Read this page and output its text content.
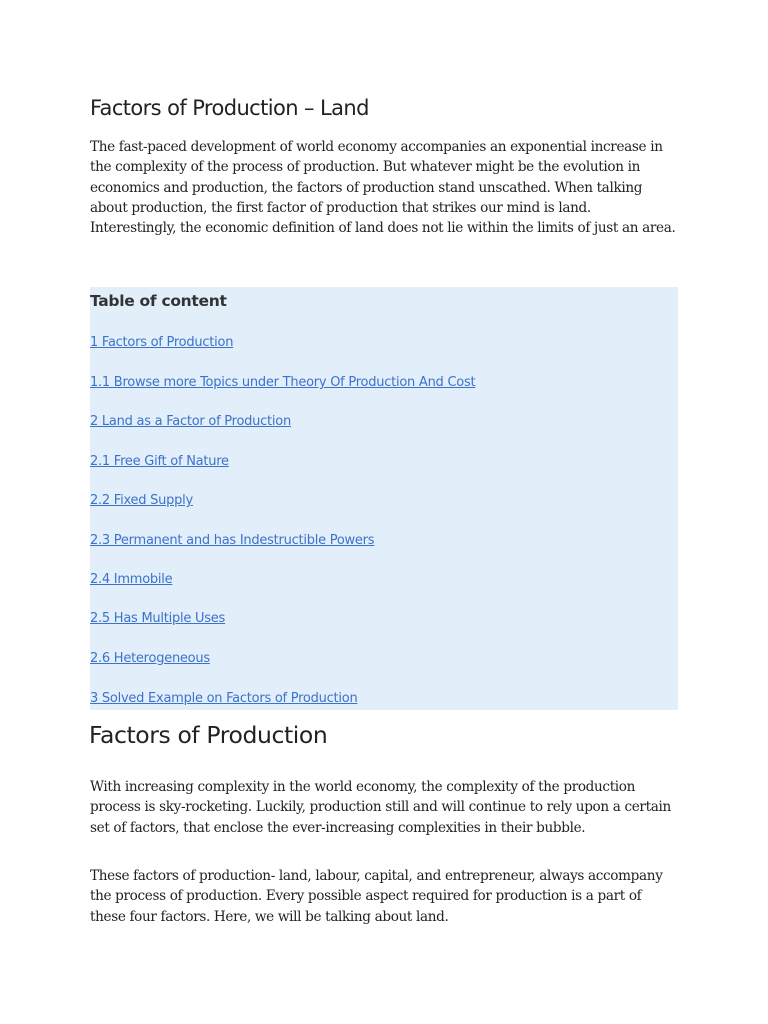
Factors of Production – Land

The fast-paced development of world economy accompanies an exponential increase in the complexity of the process of production. But whatever might be the evolution in economics and production, the factors of production stand unscathed. When talking about production, the first factor of production that strikes our mind is land. Interestingly, the economic definition of land does not lie within the limits of just an area.

Table of content
1 Factors of Production
1.1 Browse more Topics under Theory Of Production And Cost
2 Land as a Factor of Production
2.1 Free Gift of Nature
2.2 Fixed Supply
2.3 Permanent and has Indestructible Powers
2.4 Immobile
2.5 Has Multiple Uses
2.6 Heterogeneous
3 Solved Example on Factors of Production
Factors of Production

With increasing complexity in the world economy, the complexity of the production process is sky-rocketing. Luckily, production still and will continue to rely upon a certain set of factors, that enclose the ever-increasing complexities in their bubble.

These factors of production- land, labour, capital, and entrepreneur, always accompany the process of production. Every possible aspect required for production is a part of these four factors. Here, we will be talking about land.
